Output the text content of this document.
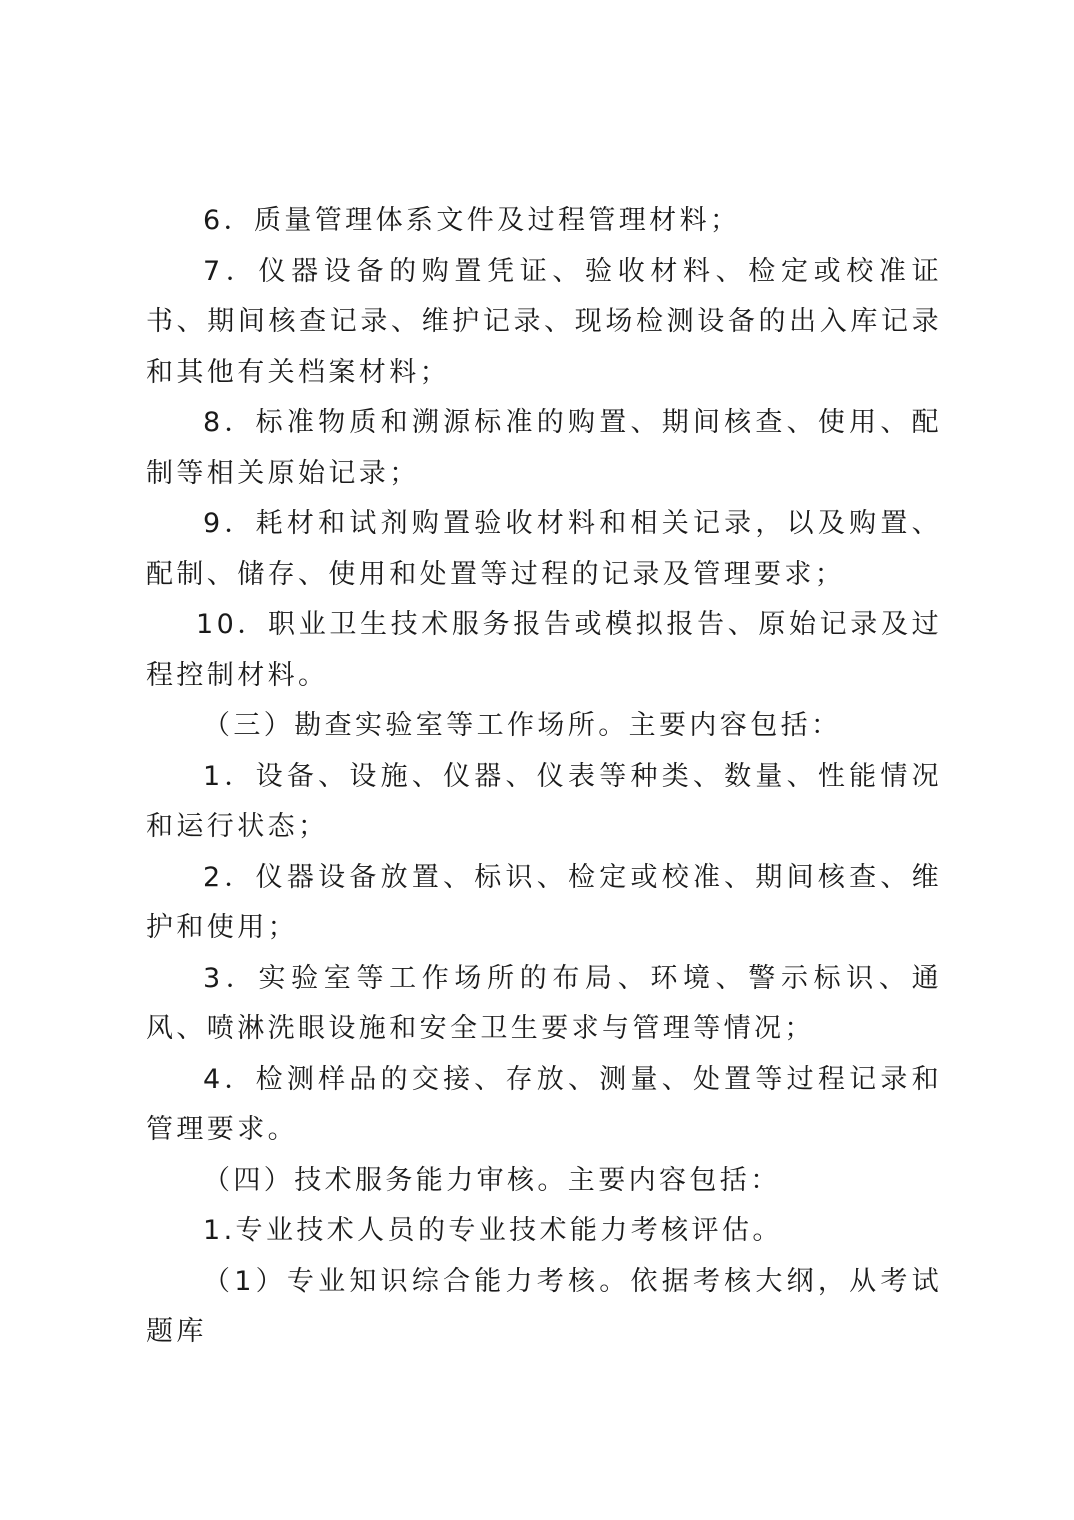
6．质量管理体系文件及过程管理材料；

7．仪器设备的购置凭证、验收材料、检定或校准证书、期间核查记录、维护记录、现场检测设备的出入库记录和其他有关档案材料；

8．标准物质和溯源标准的购置、期间核查、使用、配制等相关原始记录；

9．耗材和试剂购置验收材料和相关记录，以及购置、配制、储存、使用和处置等过程的记录及管理要求；

10．职业卫生技术服务报告或模拟报告、原始记录及过程控制材料。

（三）勘查实验室等工作场所。主要内容包括：

1．设备、设施、仪器、仪表等种类、数量、性能情况和运行状态；

2．仪器设备放置、标识、检定或校准、期间核查、维护和使用；

3．实验室等工作场所的布局、环境、警示标识、通风、喷淋洗眼设施和安全卫生要求与管理等情况；

4．检测样品的交接、存放、测量、处置等过程记录和管理要求。

（四）技术服务能力审核。主要内容包括：

1.专业技术人员的专业技术能力考核评估。

（1）专业知识综合能力考核。依据考核大纲，从考试题库
